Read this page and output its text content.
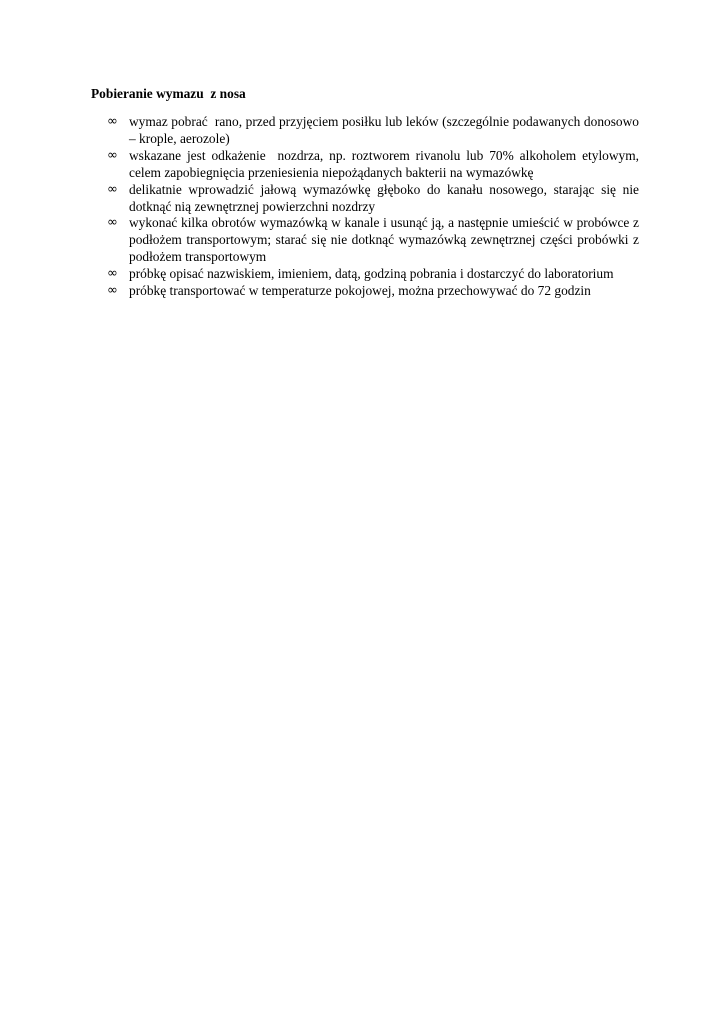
Pobieranie wymazu  z nosa
∞ wymaz pobrać  rano, przed przyjęciem posiłku lub leków (szczególnie podawanych donosowo – krople, aerozole)
∞ wskazane jest odkażenie  nozdrza, np. roztworem rivanolu lub 70% alkoholem etylowym,  celem zapobiegnięcia przeniesienia niepożądanych bakterii na wymazówkę
∞ delikatnie wprowadzić jałową wymazówkę głęboko do kanału nosowego, starając się nie dotknąć nią zewnętrznej powierzchni nozdrzy
∞ wykonać kilka obrotów wymazówką w kanale i usunąć ją, a następnie umieścić w probówce z podłożem transportowym; starać się nie dotknąć wymazówką zewnętrznej części probówki z podłożem transportowym
∞ próbkę opisać nazwiskiem, imieniem, datą, godziną pobrania i dostarczyć do laboratorium
∞ próbkę transportować w temperaturze pokojowej, można przechowywać do 72 godzin
